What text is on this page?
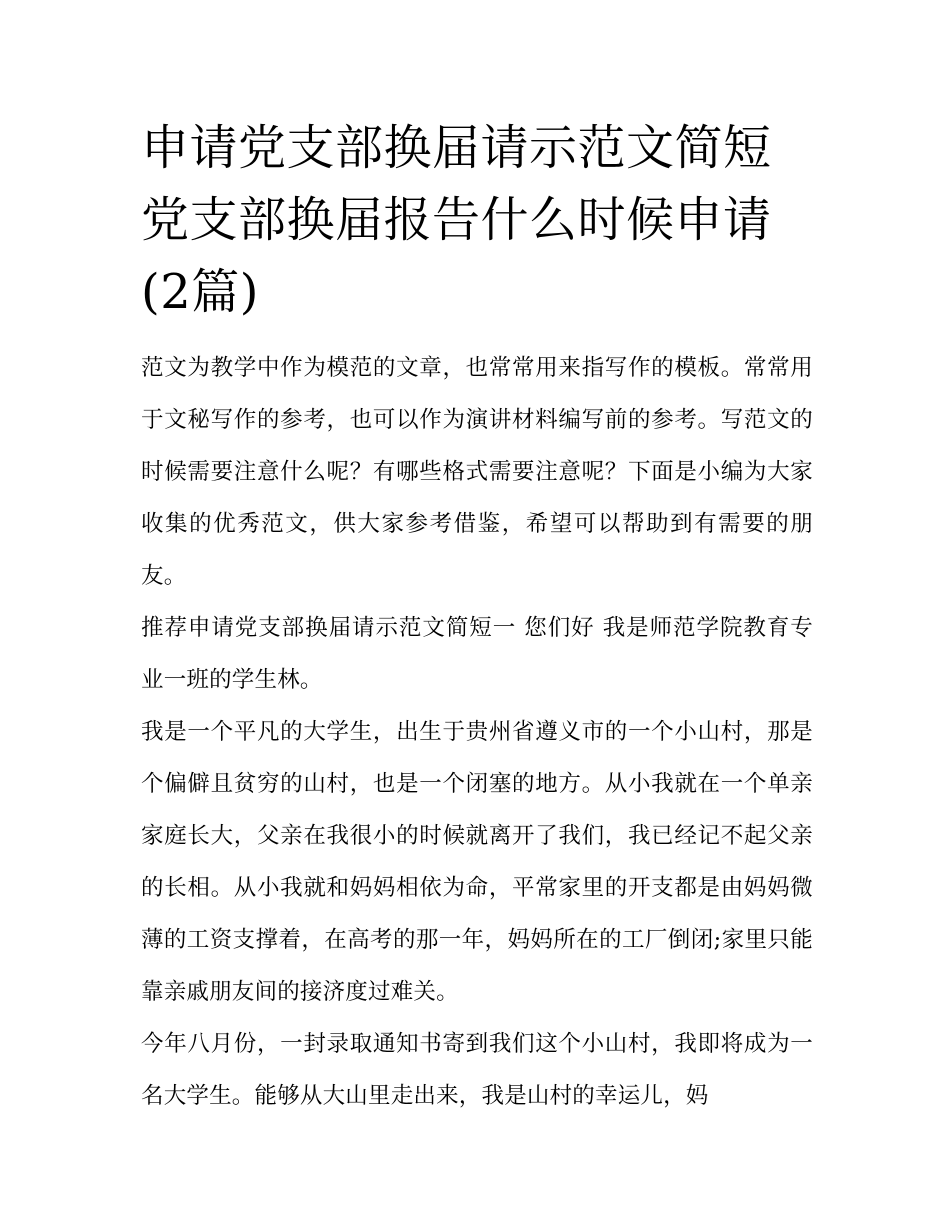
申请党支部换届请示范文简短党支部换届报告什么时候申请(2篇)

范文为教学中作为模范的文章，也常常用来指写作的模板。常常用于文秘写作的参考，也可以作为演讲材料编写前的参考。写范文的时候需要注意什么呢？有哪些格式需要注意呢？下面是小编为大家收集的优秀范文，供大家参考借鉴，希望可以帮助到有需要的朋友。

推荐申请党支部换届请示范文简短一 您们好 我是师范学院教育专业一班的学生林。

我是一个平凡的大学生，出生于贵州省遵义市的一个小山村，那是个偏僻且贫穷的山村，也是一个闭塞的地方。从小我就在一个单亲家庭长大，父亲在我很小的时候就离开了我们，我已经记不起父亲的长相。从小我就和妈妈相依为命，平常家里的开支都是由妈妈微薄的工资支撑着，在高考的那一年，妈妈所在的工厂倒闭;家里只能靠亲戚朋友间的接济度过难关。

今年八月份，一封录取通知书寄到我们这个小山村，我即将成为一名大学生。能够从大山里走出来，我是山村的幸运儿，妈
